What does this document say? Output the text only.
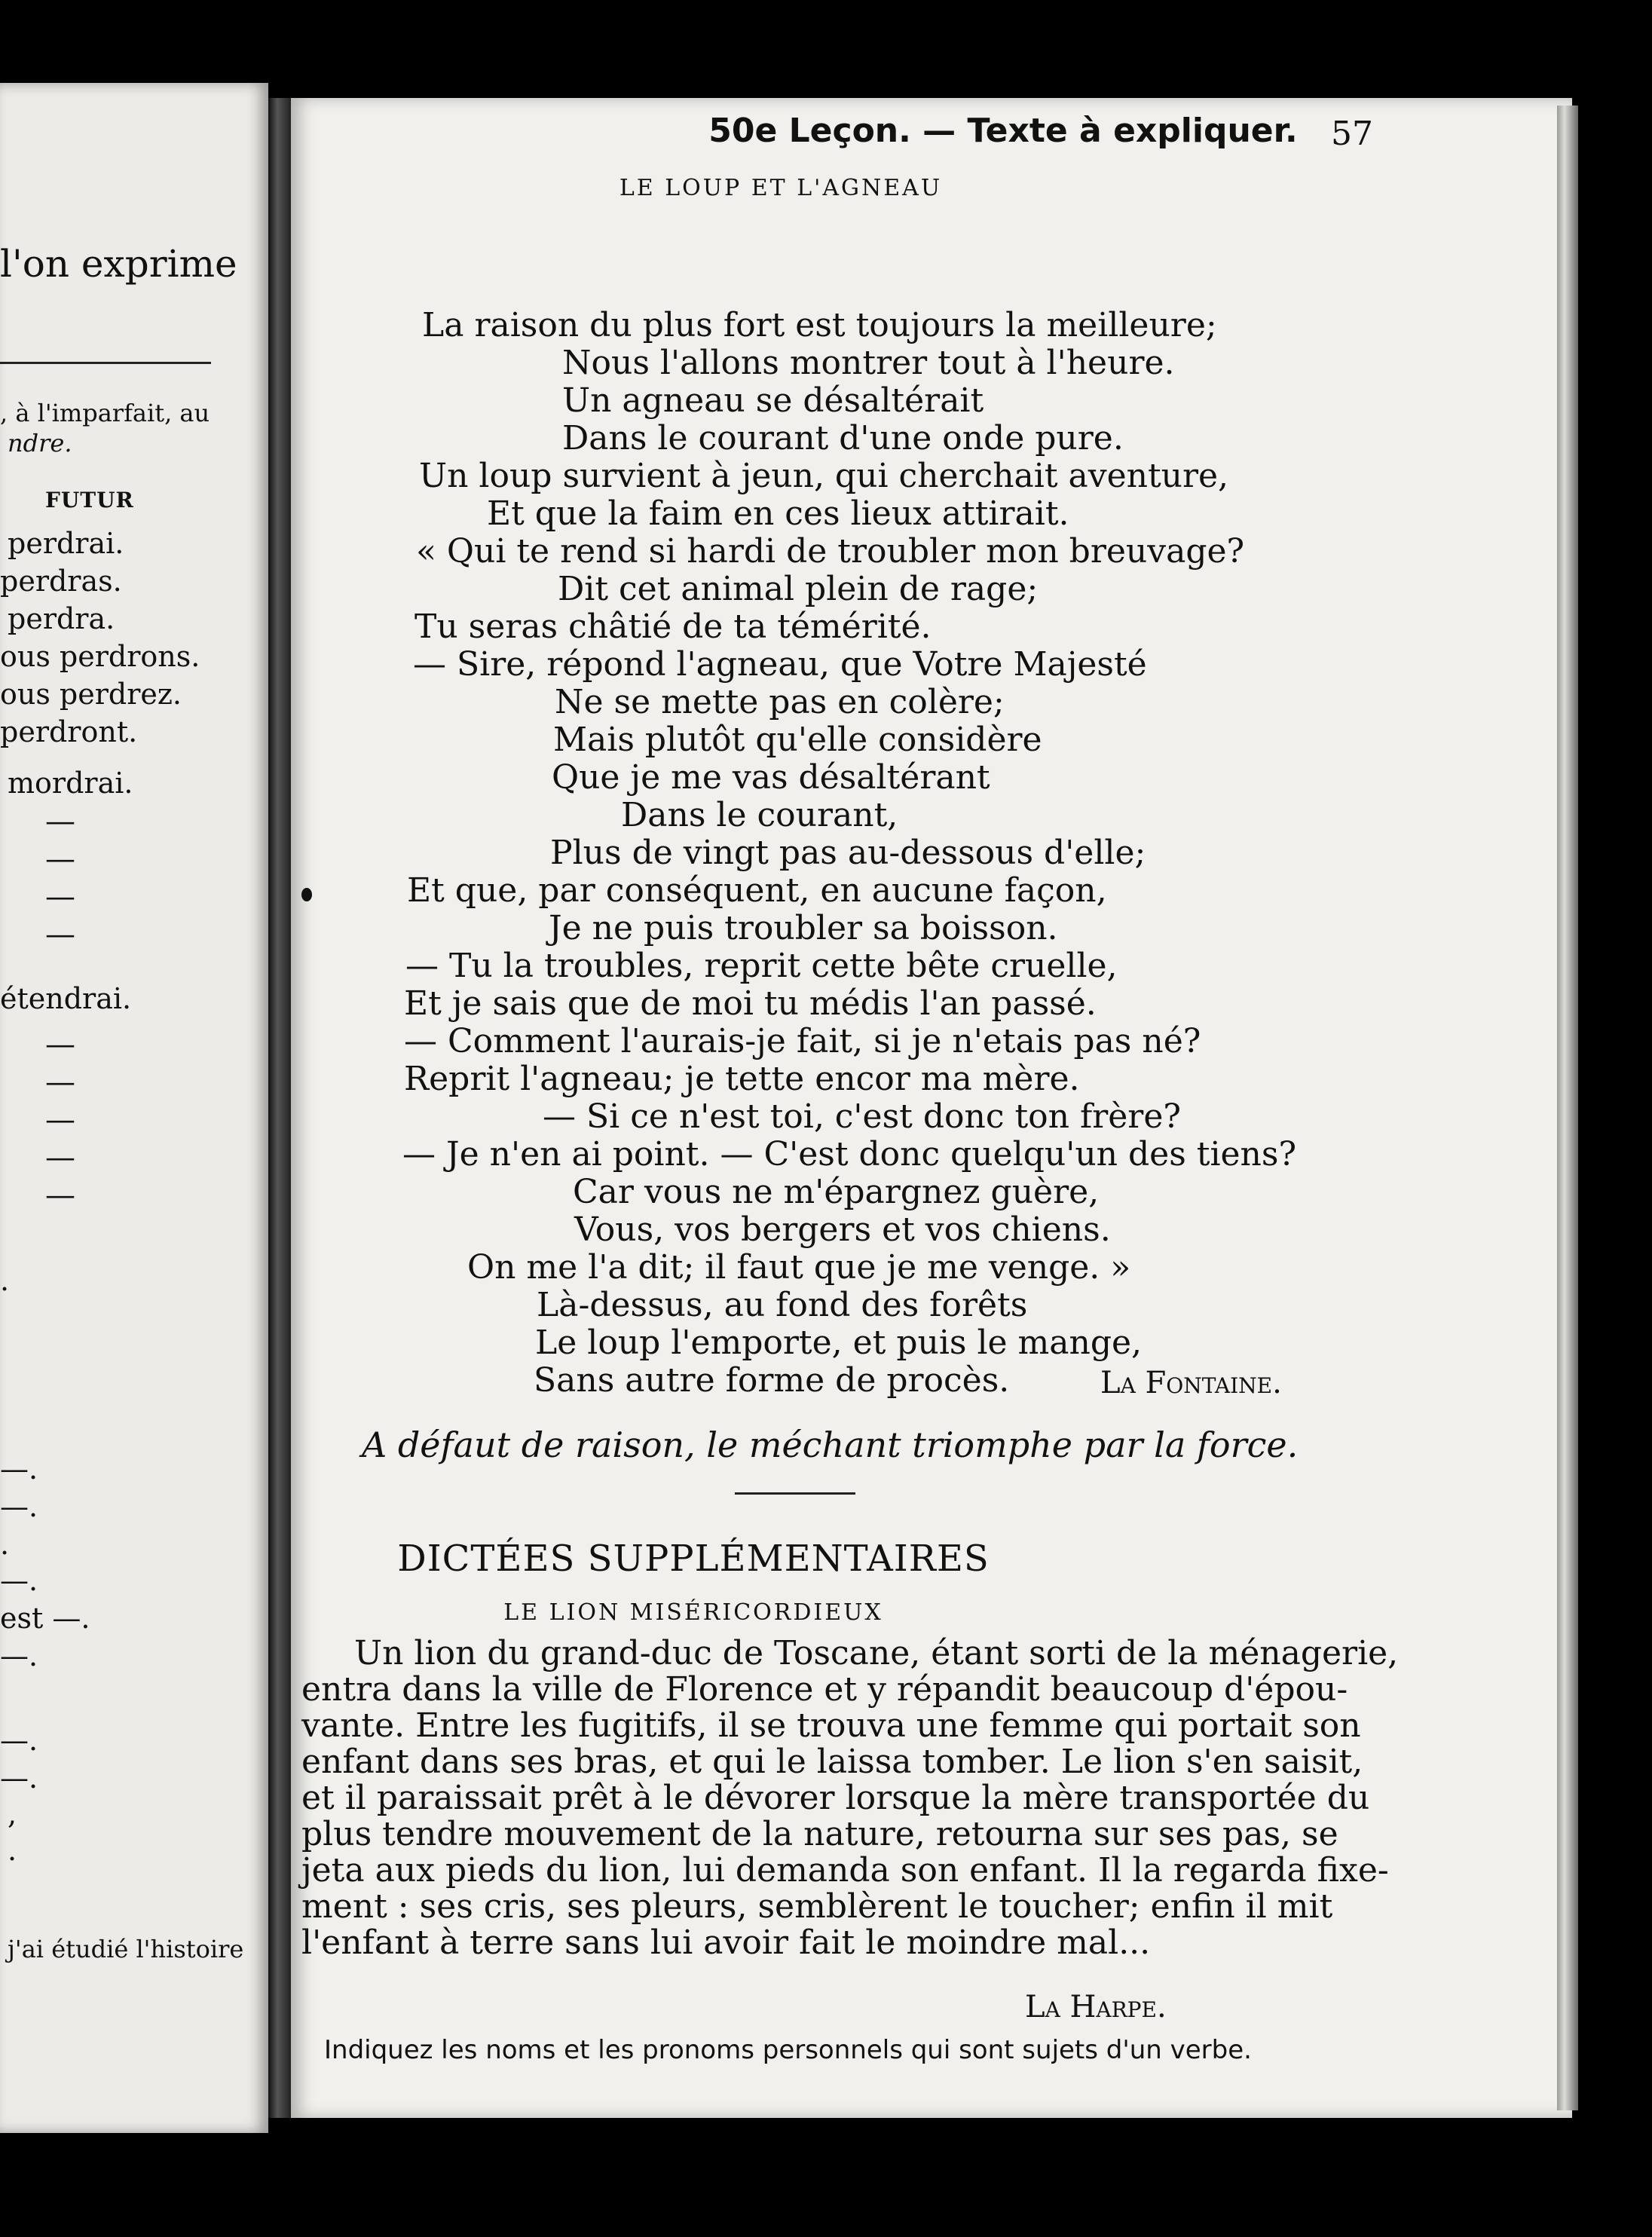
l'on exprime
, à l'imparfait, au
ndre.
FUTUR
perdrai.
perdras.
perdra.
ous perdrons.
ous perdrez.
perdront.
mordrai.
—
—
—
—
étendrai.
—
—
—
—
—
.
—.
—.
.
—.
est —.
—.
—.
—.
,
.
j'ai étudié l'histoire
50e Leçon. — Texte à expliquer.	57
LE LOUP ET L'AGNEAU
La raison du plus fort est toujours la meilleure;
Nous l'allons montrer tout à l'heure.
Un agneau se désaltérait
Dans le courant d'une onde pure.
Un loup survient à jeun, qui cherchait aventure,
Et que la faim en ces lieux attirait.
« Qui te rend si hardi de troubler mon breuvage?
Dit cet animal plein de rage;
Tu seras châtié de ta témérité.
— Sire, répond l'agneau, que Votre Majesté
Ne se mette pas en colère;
Mais plutôt qu'elle considère
Que je me vas désaltérant
Dans le courant,
Plus de vingt pas au-dessous d'elle;
Et que, par conséquent, en aucune façon,
Je ne puis troubler sa boisson.
— Tu la troubles, reprit cette bête cruelle,
Et je sais que de moi tu médis l'an passé.
— Comment l'aurais-je fait, si je n'etais pas né?
Reprit l'agneau; je tette encor ma mère.
— Si ce n'est toi, c'est donc ton frère?
— Je n'en ai point. — C'est donc quelqu'un des tiens?
Car vous ne m'épargnez guère,
Vous, vos bergers et vos chiens.
On me l'a dit; il faut que je me venge. »
Là-dessus, au fond des forêts
Le loup l'emporte, et puis le mange,
Sans autre forme de procès.	La Fontaine.
A défaut de raison, le méchant triomphe par la force.
DICTÉES SUPPLÉMENTAIRES
LE LION MISÉRICORDIEUX
Un lion du grand-duc de Toscane, étant sorti de la ménagerie,
entra dans la ville de Florence et y répandit beaucoup d'épou-
vante. Entre les fugitifs, il se trouva une femme qui portait son
enfant dans ses bras, et qui le laissa tomber. Le lion s'en saisit,
et il paraissait prêt à le dévorer lorsque la mère transportée du
plus tendre mouvement de la nature, retourna sur ses pas, se
jeta aux pieds du lion, lui demanda son enfant. Il la regarda fixe-
ment : ses cris, ses pleurs, semblèrent le toucher; enfin il mit
l'enfant à terre sans lui avoir fait le moindre mal...
La Harpe.
Indiquez les noms et les pronoms personnels qui sont sujets d'un verbe.
